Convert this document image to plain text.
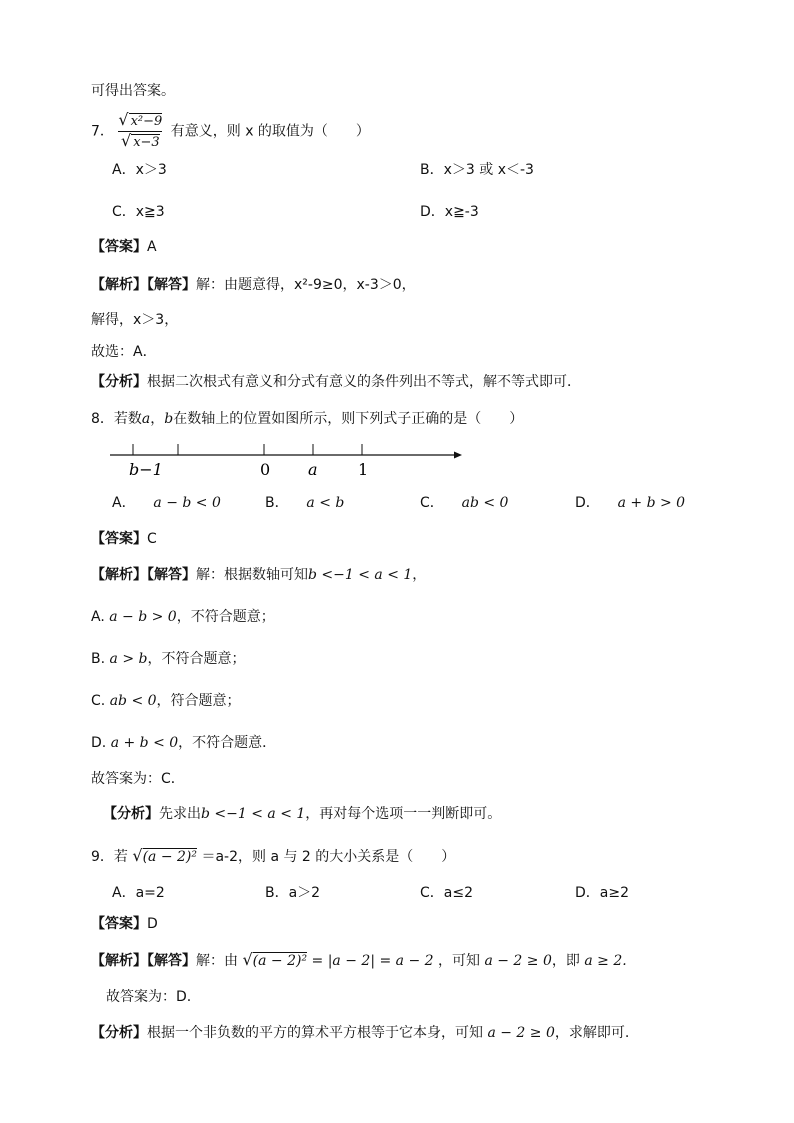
可得出答案。
7． $\frac{\text{√ x²−9}}{√ x-3}$ 有意义，则 x 的取值为（　　）
A．x＞3	B．x＞3 或 x＜-3
C．x≧3	D．x≧-3
【答案】A
【解析】【解答】解：由题意得，x²-9≥0，x-3＞0，
解得，x＞3，
故选：A．
【分析】根据二次根式有意义和分式有意义的条件列出不等式，解不等式即可．
8．若数a，b在数轴上的位置如图所示，则下列式子正确的是（　　）
b−1	0 a	1
A． a − b < 0	B． a < b	C． ab < 0	D． a + b > 0
【答案】C
【解析】【解答】解：根据数轴可知b <−1 < a < 1，
A. a − b > 0，不符合题意；
B. a > b，不符合题意；
C. ab < 0，符合题意；
D. a + b < 0，不符合题意．
故答案为：C．
【分析】先求出b <−1 < a < 1，再对每个选项一一判断即可。
9．若 √(a − 2)² ＝a-2，则 a 与 2 的大小关系是（　　）
A．a=2	B．a＞2	C．a≤2	D．a≥2
【答案】D
【解析】【解答】解：由 √(a − 2)² = |a − 2| = a − 2 ，可知 a − 2 ≥ 0，即 a ≥ 2.
故答案为：D.
【分析】根据一个非负数的平方的算术平方根等于它本身，可知 a − 2 ≥ 0，求解即可.
